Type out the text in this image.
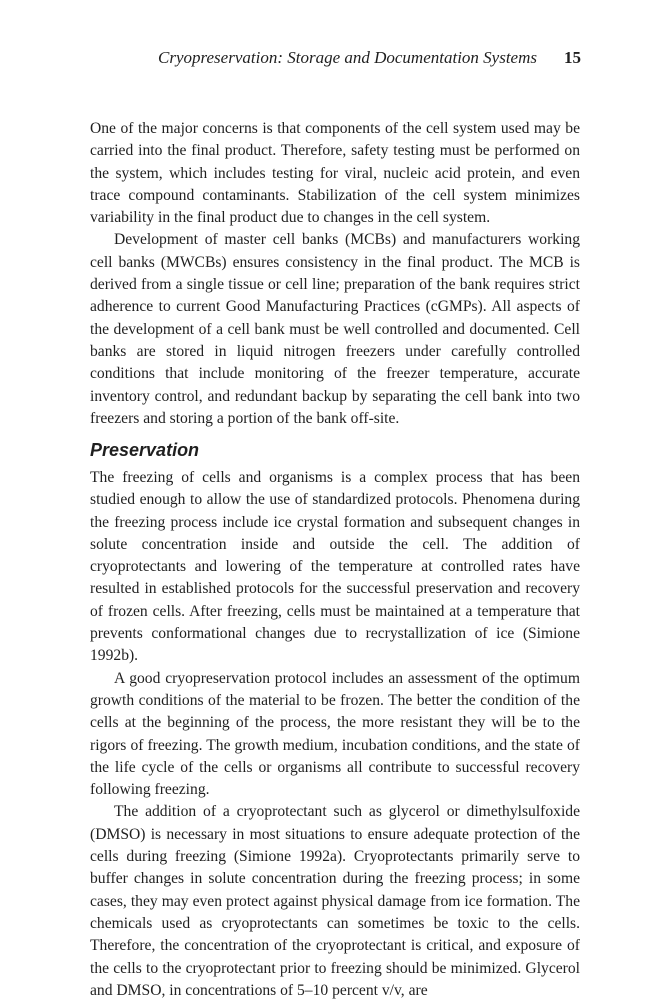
Cryopreservation: Storage and Documentation Systems 15

One of the major concerns is that components of the cell system used may be carried into the final product. Therefore, safety testing must be performed on the system, which includes testing for viral, nucleic acid protein, and even trace compound contaminants. Stabilization of the cell system minimizes variability in the final product due to changes in the cell system.

Development of master cell banks (MCBs) and manufacturers working cell banks (MWCBs) ensures consistency in the final product. The MCB is derived from a single tissue or cell line; preparation of the bank requires strict adherence to current Good Manufacturing Practices (cGMPs). All aspects of the development of a cell bank must be well controlled and documented. Cell banks are stored in liquid nitrogen freezers under carefully controlled conditions that include monitoring of the freezer temperature, accurate inventory control, and redundant backup by separating the cell bank into two freezers and storing a portion of the bank off-site.

Preservation

The freezing of cells and organisms is a complex process that has been studied enough to allow the use of standardized protocols. Phenomena during the freezing process include ice crystal formation and subsequent changes in solute concentration inside and outside the cell. The addition of cryoprotectants and lowering of the temperature at controlled rates have resulted in established protocols for the successful preservation and recovery of frozen cells. After freezing, cells must be maintained at a temperature that prevents conformational changes due to recrystallization of ice (Simione 1992b).

A good cryopreservation protocol includes an assessment of the optimum growth conditions of the material to be frozen. The better the condition of the cells at the beginning of the process, the more resistant they will be to the rigors of freezing. The growth medium, incubation conditions, and the state of the life cycle of the cells or organisms all contribute to successful recovery following freezing.

The addition of a cryoprotectant such as glycerol or dimethylsulfoxide (DMSO) is necessary in most situations to ensure adequate protection of the cells during freezing (Simione 1992a). Cryoprotectants primarily serve to buffer changes in solute concentration during the freezing process; in some cases, they may even protect against physical damage from ice formation. The chemicals used as cryoprotectants can sometimes be toxic to the cells. Therefore, the concentration of the cryoprotectant is critical, and exposure of the cells to the cryoprotectant prior to freezing should be minimized. Glycerol and DMSO, in concentrations of 5–10 percent v/v, are
